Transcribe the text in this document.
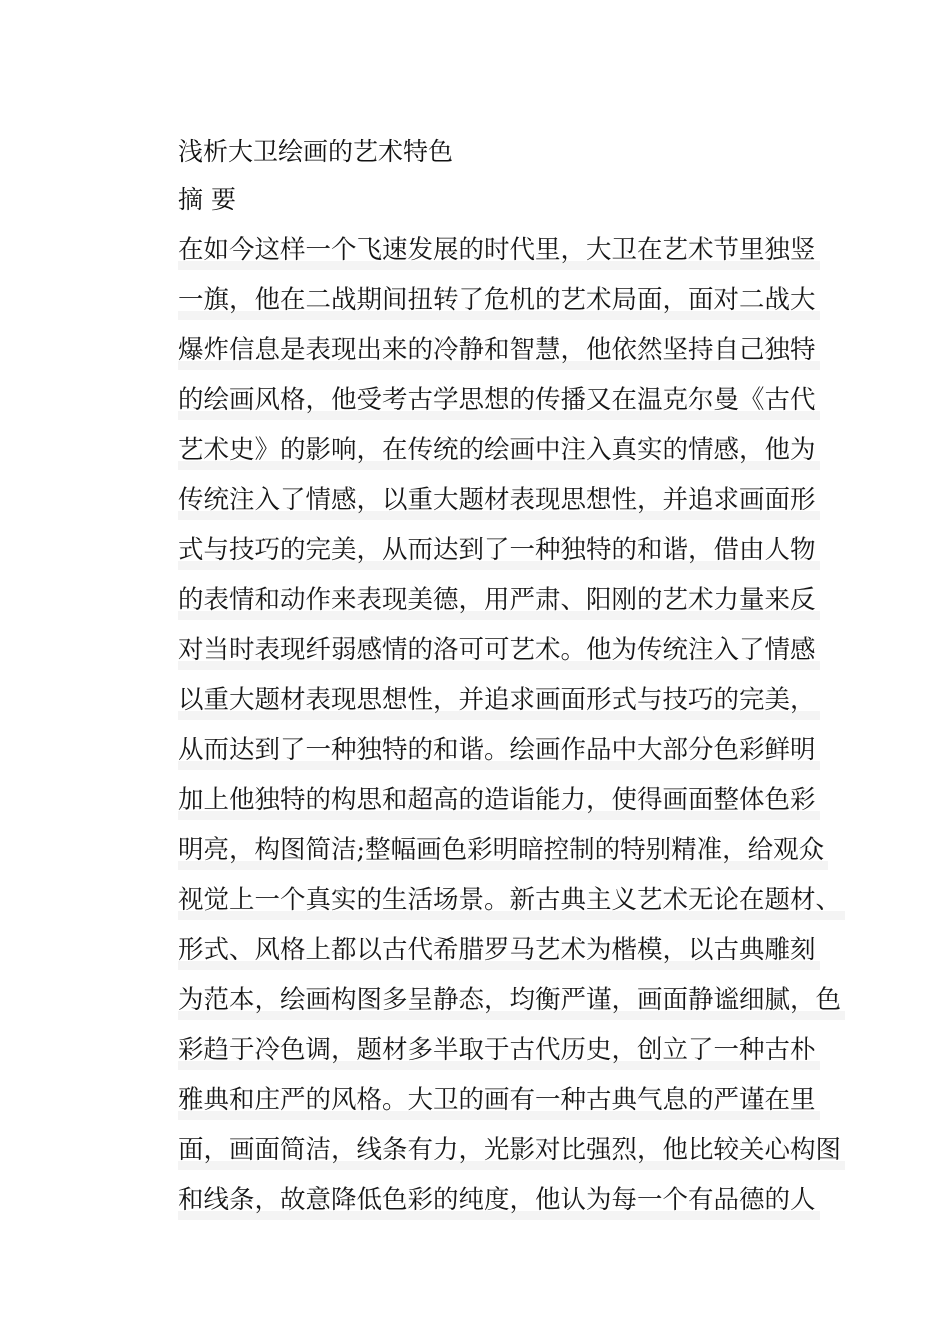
浅析大卫绘画的艺术特色
摘 要
在如今这样一个飞速发展的时代里，大卫在艺术节里独竖
一旗，他在二战期间扭转了危机的艺术局面，面对二战大
爆炸信息是表现出来的冷静和智慧，他依然坚持自己独特
的绘画风格，他受考古学思想的传播又在温克尔曼《古代
艺术史》的影响，在传统的绘画中注入真实的情感，他为
传统注入了情感，以重大题材表现思想性，并追求画面形
式与技巧的完美，从而达到了一种独特的和谐，借由人物
的表情和动作来表现美德，用严肃、阳刚的艺术力量来反
对当时表现纤弱感情的洛可可艺术。他为传统注入了情感
以重大题材表现思想性，并追求画面形式与技巧的完美，
从而达到了一种独特的和谐。绘画作品中大部分色彩鲜明
加上他独特的构思和超高的造诣能力，使得画面整体色彩
明亮，构图简洁;整幅画色彩明暗控制的特别精准，给观众
视觉上一个真实的生活场景。新古典主义艺术无论在题材、
形式、风格上都以古代希腊罗马艺术为楷模，以古典雕刻
为范本，绘画构图多呈静态，均衡严谨，画面静谧细腻，色
彩趋于冷色调，题材多半取于古代历史，创立了一种古朴
雅典和庄严的风格。大卫的画有一种古典气息的严谨在里
面，画面简洁，线条有力，光影对比强烈，他比较关心构图
和线条，故意降低色彩的纯度，他认为每一个有品德的人
